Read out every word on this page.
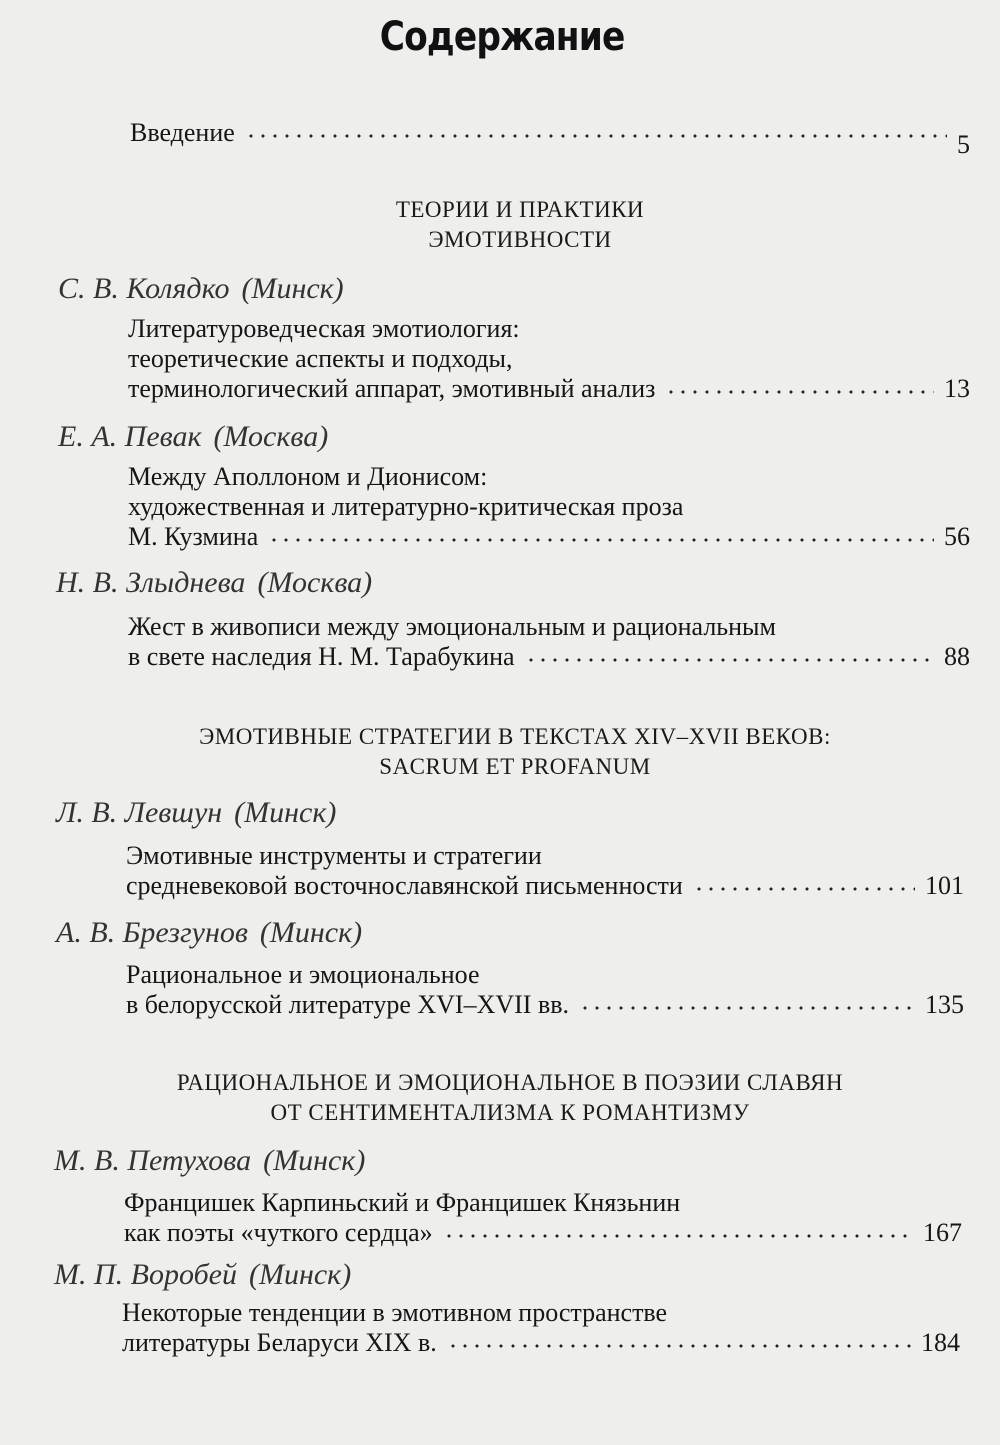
Содержание
Введение	5
ТЕОРИИ И ПРАКТИКИ
ЭМОТИВНОСТИ
С. В. Колядко (Минск)
Литературоведческая эмотиология:
теоретические аспекты и подходы,
терминологический аппарат, эмотивный анализ	13
Е. А. Певак (Москва)
Между Аполлоном и Дионисом:
художественная и литературно-критическая проза
М. Кузмина	56
Н. В. Злыднева (Москва)
Жест в живописи между эмоциональным и рациональным
в свете наследия Н. М. Тарабукина	88
ЭМОТИВНЫЕ СТРАТЕГИИ В ТЕКСТАХ XIV–XVII ВЕКОВ:
SACRUM ET PROFANUM
Л. В. Левшун (Минск)
Эмотивные инструменты и стратегии
средневековой восточнославянской письменности	101
А. В. Брезгунов (Минск)
Рациональное и эмоциональное
в белорусской литературе XVI–XVII вв.	135
РАЦИОНАЛЬНОЕ И ЭМОЦИОНАЛЬНОЕ В ПОЭЗИИ СЛАВЯН
ОТ СЕНТИМЕНТАЛИЗМА К РОМАНТИЗМУ
М. В. Петухова (Минск)
Францишек Карпиньский и Францишек Князьнин
как поэты «чуткого сердца»	167
М. П. Воробей (Минск)
Некоторые тенденции в эмотивном пространстве
литературы Беларуси XIX в.	184
